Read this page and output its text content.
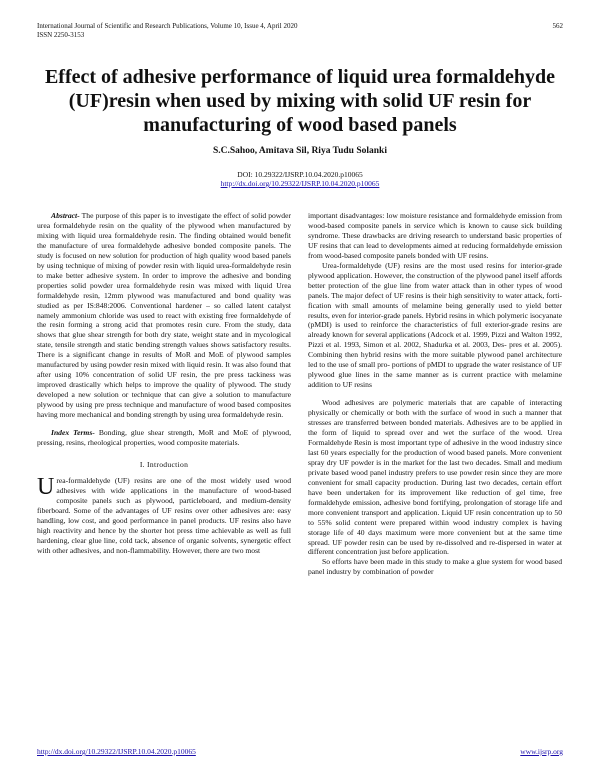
International Journal of Scientific and Research Publications, Volume 10, Issue 4, April 2020
ISSN 2250-3153
562
Effect of adhesive performance of liquid urea formaldehyde (UF)resin when used by mixing with solid UF resin for manufacturing of wood based panels
S.C.Sahoo, Amitava Sil, Riya Tudu Solanki
DOI: 10.29322/IJSRP.10.04.2020.p10065
http://dx.doi.org/10.29322/IJSRP.10.04.2020.p10065

Abstract- The purpose of this paper is to investigate the effect of solid powder urea formaldehyde resin on the quality of the plywood when manufactured by mixing with liquid urea formaldehyde resin. The finding obtained would benefit the manufacture of urea formaldehyde adhesive bonded composite panels. The study is focused on new solution for production of high quality wood based panels by using technique of mixing of powder resin with liquid urea-formaldehyde resin to make better adhesive system. In order to improve the adhesive and bonding properties solid powder urea formaldehyde resin was mixed with liquid Urea formaldehyde resin, 12mm plywood was manufactured and bond quality was studied as per IS:848:2006. Conventional hardener – so called latent catalyst namely ammonium chloride was used to react with existing free formaldehyde of the resin forming a strong acid that promotes resin cure. From the study, data shows that glue shear strength for both dry state, weight state and in mycological state, tensile strength and static bending strength values shows satisfactory results. There is a significant change in results of MoR and MoE of plywood samples manufactured by using powder resin mixed with liquid resin. It was also found that after using 10% concentration of solid UF resin, the pre press tackiness was improved drastically which helps to improve the quality of plywood. The study developed a new solution or technique that can give a solution to manufacture plywood by using pre press technique and manufacture of wood based composites having more mechanical and bonding strength by using urea formaldehyde resin.

Index Terms- Bonding, glue shear strength, MoR and MoE of plywood, pressing, resins, rheological properties, wood composite materials.

I. Introduction

Urea-formaldehyde (UF) resins are one of the most widely used wood adhesives with wide applications in the manufacture of wood-based composite panels such as plywood, particleboard, and medium-density fiberboard. Some of the advantages of UF resins over other adhesives are: easy handling, low cost, and good performance in panel products. UF resins also have high reactivity and hence by the shorter hot press time achievable as well as full hardening, clear glue line, cold tack, absence of organic solvents, synergetic effect with other adhesives, and non-flammability. However, there are two most

important disadvantages: low moisture resistance and formaldehyde emission from wood-based composite panels in service which is known to cause sick building syndrome. These drawbacks are driving research to understand basic properties of UF resins that can lead to developments aimed at reducing formaldehyde emission from wood-based composite panels bonded with UF resins.

Urea-formaldehyde (UF) resins are the most used resins for interior-grade plywood application. However, the construction of the plywood panel itself affords better protection of the glue line from water attack than in other types of wood panels. The major defect of UF resins is their high sensitivity to water attack, forti- fication with small amounts of melamine being generally used to yield better results, even for interior-grade panels. Hybrid resins in which polymeric isocyanate (pMDI) is used to reinforce the characteristics of full exterior-grade resins are already known for several applications (Adcock et al. 1999, Pizzi and Walton 1992, Pizzi et al. 1993, Simon et al. 2002, Shadurka et al. 2003, Des- pres et al. 2005). Combining then hybrid resins with the more suitable plywood panel architecture led to the use of small pro- portions of pMDI to upgrade the water resistance of UF plywood glue lines in the same manner as is current practice with melamine addition to UF resins

Wood adhesives are polymeric materials that are capable of interacting physically or chemically or both with the surface of wood in such a manner that stresses are transferred between bonded materials. Adhesives are to be applied in the form of liquid to spread over and wet the surface of the wood. Urea Formaldehyde Resin is most important type of adhesive in the wood industry since last 60 years especially for the production of wood based panels. More convenient spray dry UF powder is in the market for the last two decades. Small and medium private based wood panel industry prefers to use powder resin since they are more convenient for small capacity production. During last two decades, certain effort have been undertaken for its improvement like reduction of gel time, free formaldehyde emission, adhesive bond fortifying, prolongation of storage life and more convenient transport and application. Liquid UF resin concentration up to 50 to 55% solid content were prepared within wood industry complex is having storage life of 40 days maximum were more convenient but at the same time spread. UF powder resin can be used by re-dissolved and re-dispersed in water at different concentration just before application.

So efforts have been made in this study to make a glue system for wood based panel industry by combination of powder

http://dx.doi.org/10.29322/IJSRP.10.04.2020.p10065	www.ijsrp.org
